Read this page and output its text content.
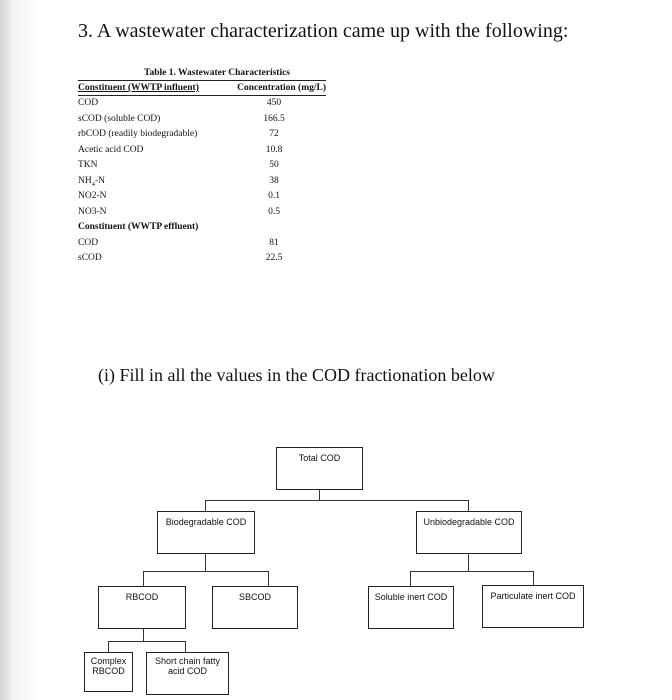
3. A wastewater characterization came up with the following:
Table 1. Wastewater Characteristics
Constituent (WWTP influent)	Concentration (mg/L)
COD	450
sCOD (soluble COD)	166.5
rbCOD (readily biodegradable)	72
Acetic acid COD	10.8
TKN	50
$NH_4-N$	38
NO2-N	0.1
NO3-N	0.5
Constituent (WWTP effluent)
COD	81
sCOD	22.5
(i) Fill in all the values in the COD fractionation below
Total COD
Biodegradable COD	Unbiodegradable COD
RBCOD	SBCOD	Soluble inert COD	Particulate inert COD
Complex
RBCOD
Short chain fatty
acid COD
